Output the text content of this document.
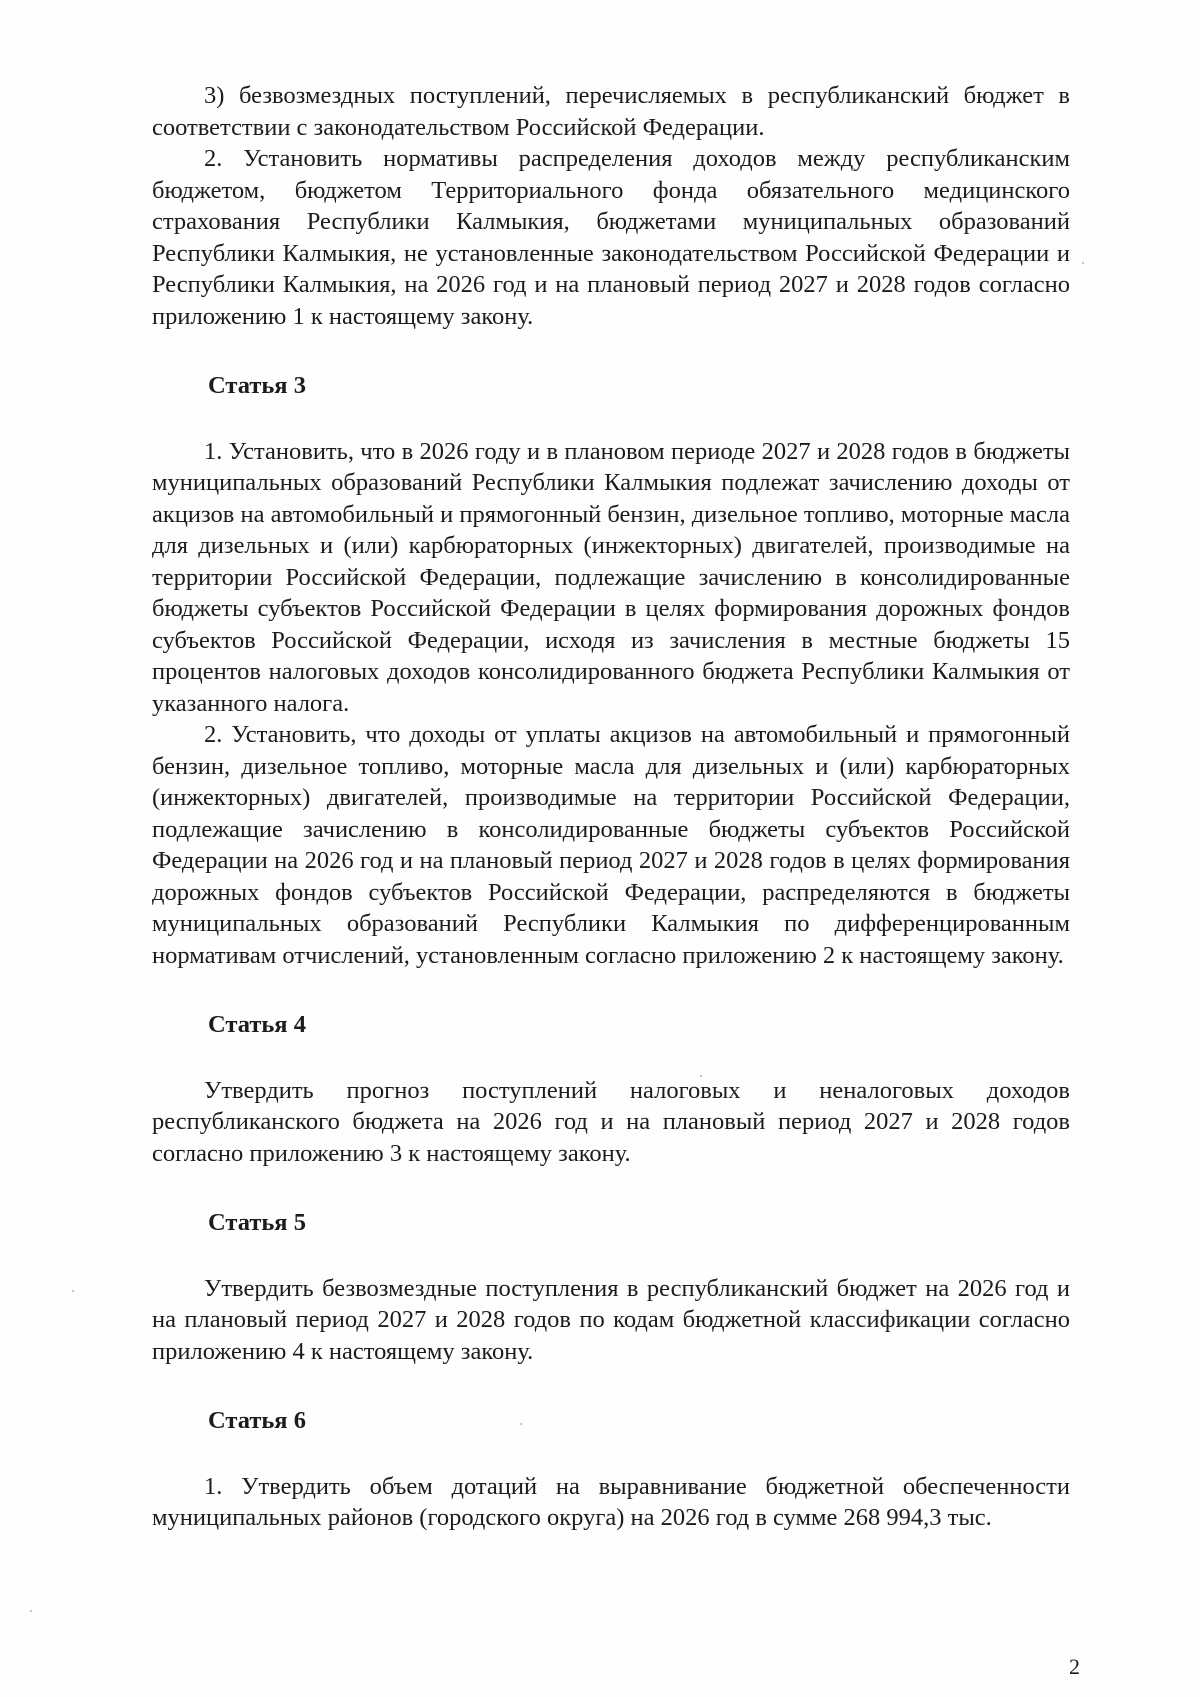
3) безвозмездных поступлений, перечисляемых в республиканский бюджет в соответствии с законодательством Российской Федерации.

2. Установить нормативы распределения доходов между республиканским бюджетом, бюджетом Территориального фонда обязательного медицинского страхования Республики Калмыкия, бюджетами муниципальных образований Республики Калмыкия, не установленные законодательством Российской Федерации и Республики Калмыкия, на 2026 год и на плановый период 2027 и 2028 годов согласно приложению 1 к настоящему закону.

Статья 3

1. Установить, что в 2026 году и в плановом периоде 2027 и 2028 годов в бюджеты муниципальных образований Республики Калмыкия подлежат зачислению доходы от акцизов на автомобильный и прямогонный бензин, дизельное топливо, моторные масла для дизельных и (или) карбюраторных (инжекторных) двигателей, производимые на территории Российской Федерации, подлежащие зачислению в консолидированные бюджеты субъектов Российской Федерации в целях формирования дорожных фондов субъектов Российской Федерации, исходя из зачисления в местные бюджеты 15 процентов налоговых доходов консолидированного бюджета Республики Калмыкия от указанного налога.

2. Установить, что доходы от уплаты акцизов на автомобильный и прямогонный бензин, дизельное топливо, моторные масла для дизельных и (или) карбюраторных (инжекторных) двигателей, производимые на территории Российской Федерации, подлежащие зачислению в консолидированные бюджеты субъектов Российской Федерации на 2026 год и на плановый период 2027 и 2028 годов в целях формирования дорожных фондов субъектов Российской Федерации, распределяются в бюджеты муниципальных образований Республики Калмыкия по дифференцированным нормативам отчислений, установленным согласно приложению 2 к настоящему закону.

Статья 4

Утвердить прогноз поступлений налоговых и неналоговых доходов республиканского бюджета на 2026 год и на плановый период 2027 и 2028 годов согласно приложению 3 к настоящему закону.

Статья 5

Утвердить безвозмездные поступления в республиканский бюджет на 2026 год и на плановый период 2027 и 2028 годов по кодам бюджетной классификации согласно приложению 4 к настоящему закону.

Статья 6

1. Утвердить объем дотаций на выравнивание бюджетной обеспеченности муниципальных районов (городского округа) на 2026 год в сумме 268 994,3 тыс.

2
